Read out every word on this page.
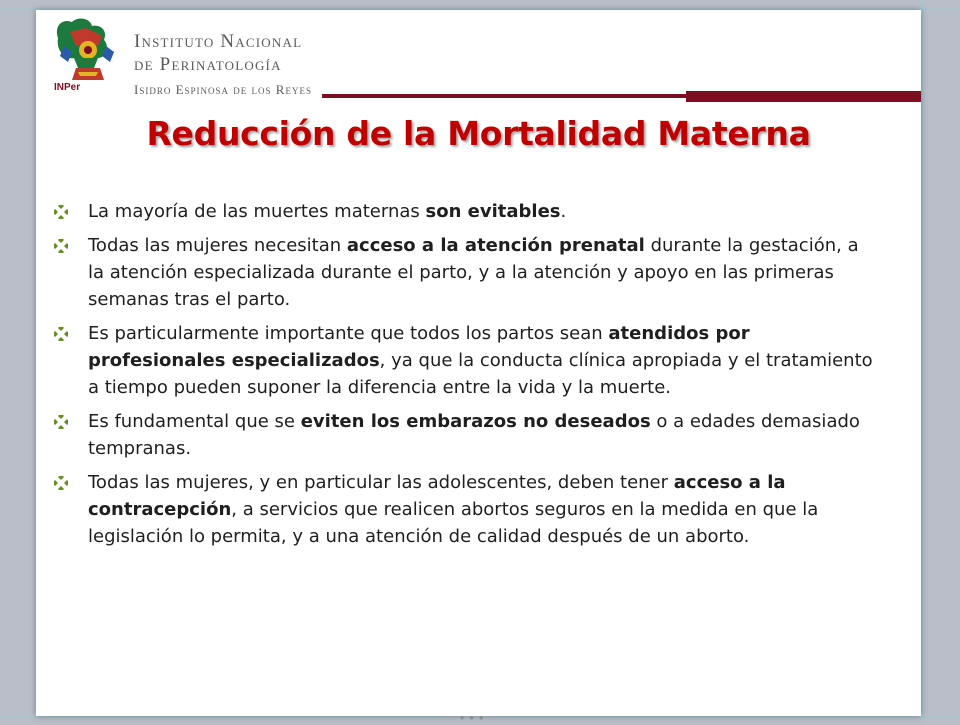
INPer
Instituto Nacional
de Perinatología
Isidro Espinosa de los Reyes
Reducción de la Mortalidad Materna
La mayoría de las muertes maternas son evitables.
Todas las mujeres necesitan acceso a la atención prenatal durante la gestación, a la atención especializada durante el parto, y a la atención y apoyo en las primeras semanas tras el parto.
Es particularmente importante que todos los partos sean atendidos por profesionales especializados, ya que la conducta clínica apropiada y el tratamiento a tiempo pueden suponer la diferencia entre la vida y la muerte.
Es fundamental que se eviten los embarazos no deseados o a edades demasiado tempranas.
Todas las mujeres, y en particular las adolescentes, deben tener acceso a la contracepción, a servicios que realicen abortos seguros en la medida en que la legislación lo permita, y a una atención de calidad después de un aborto.
• • •
